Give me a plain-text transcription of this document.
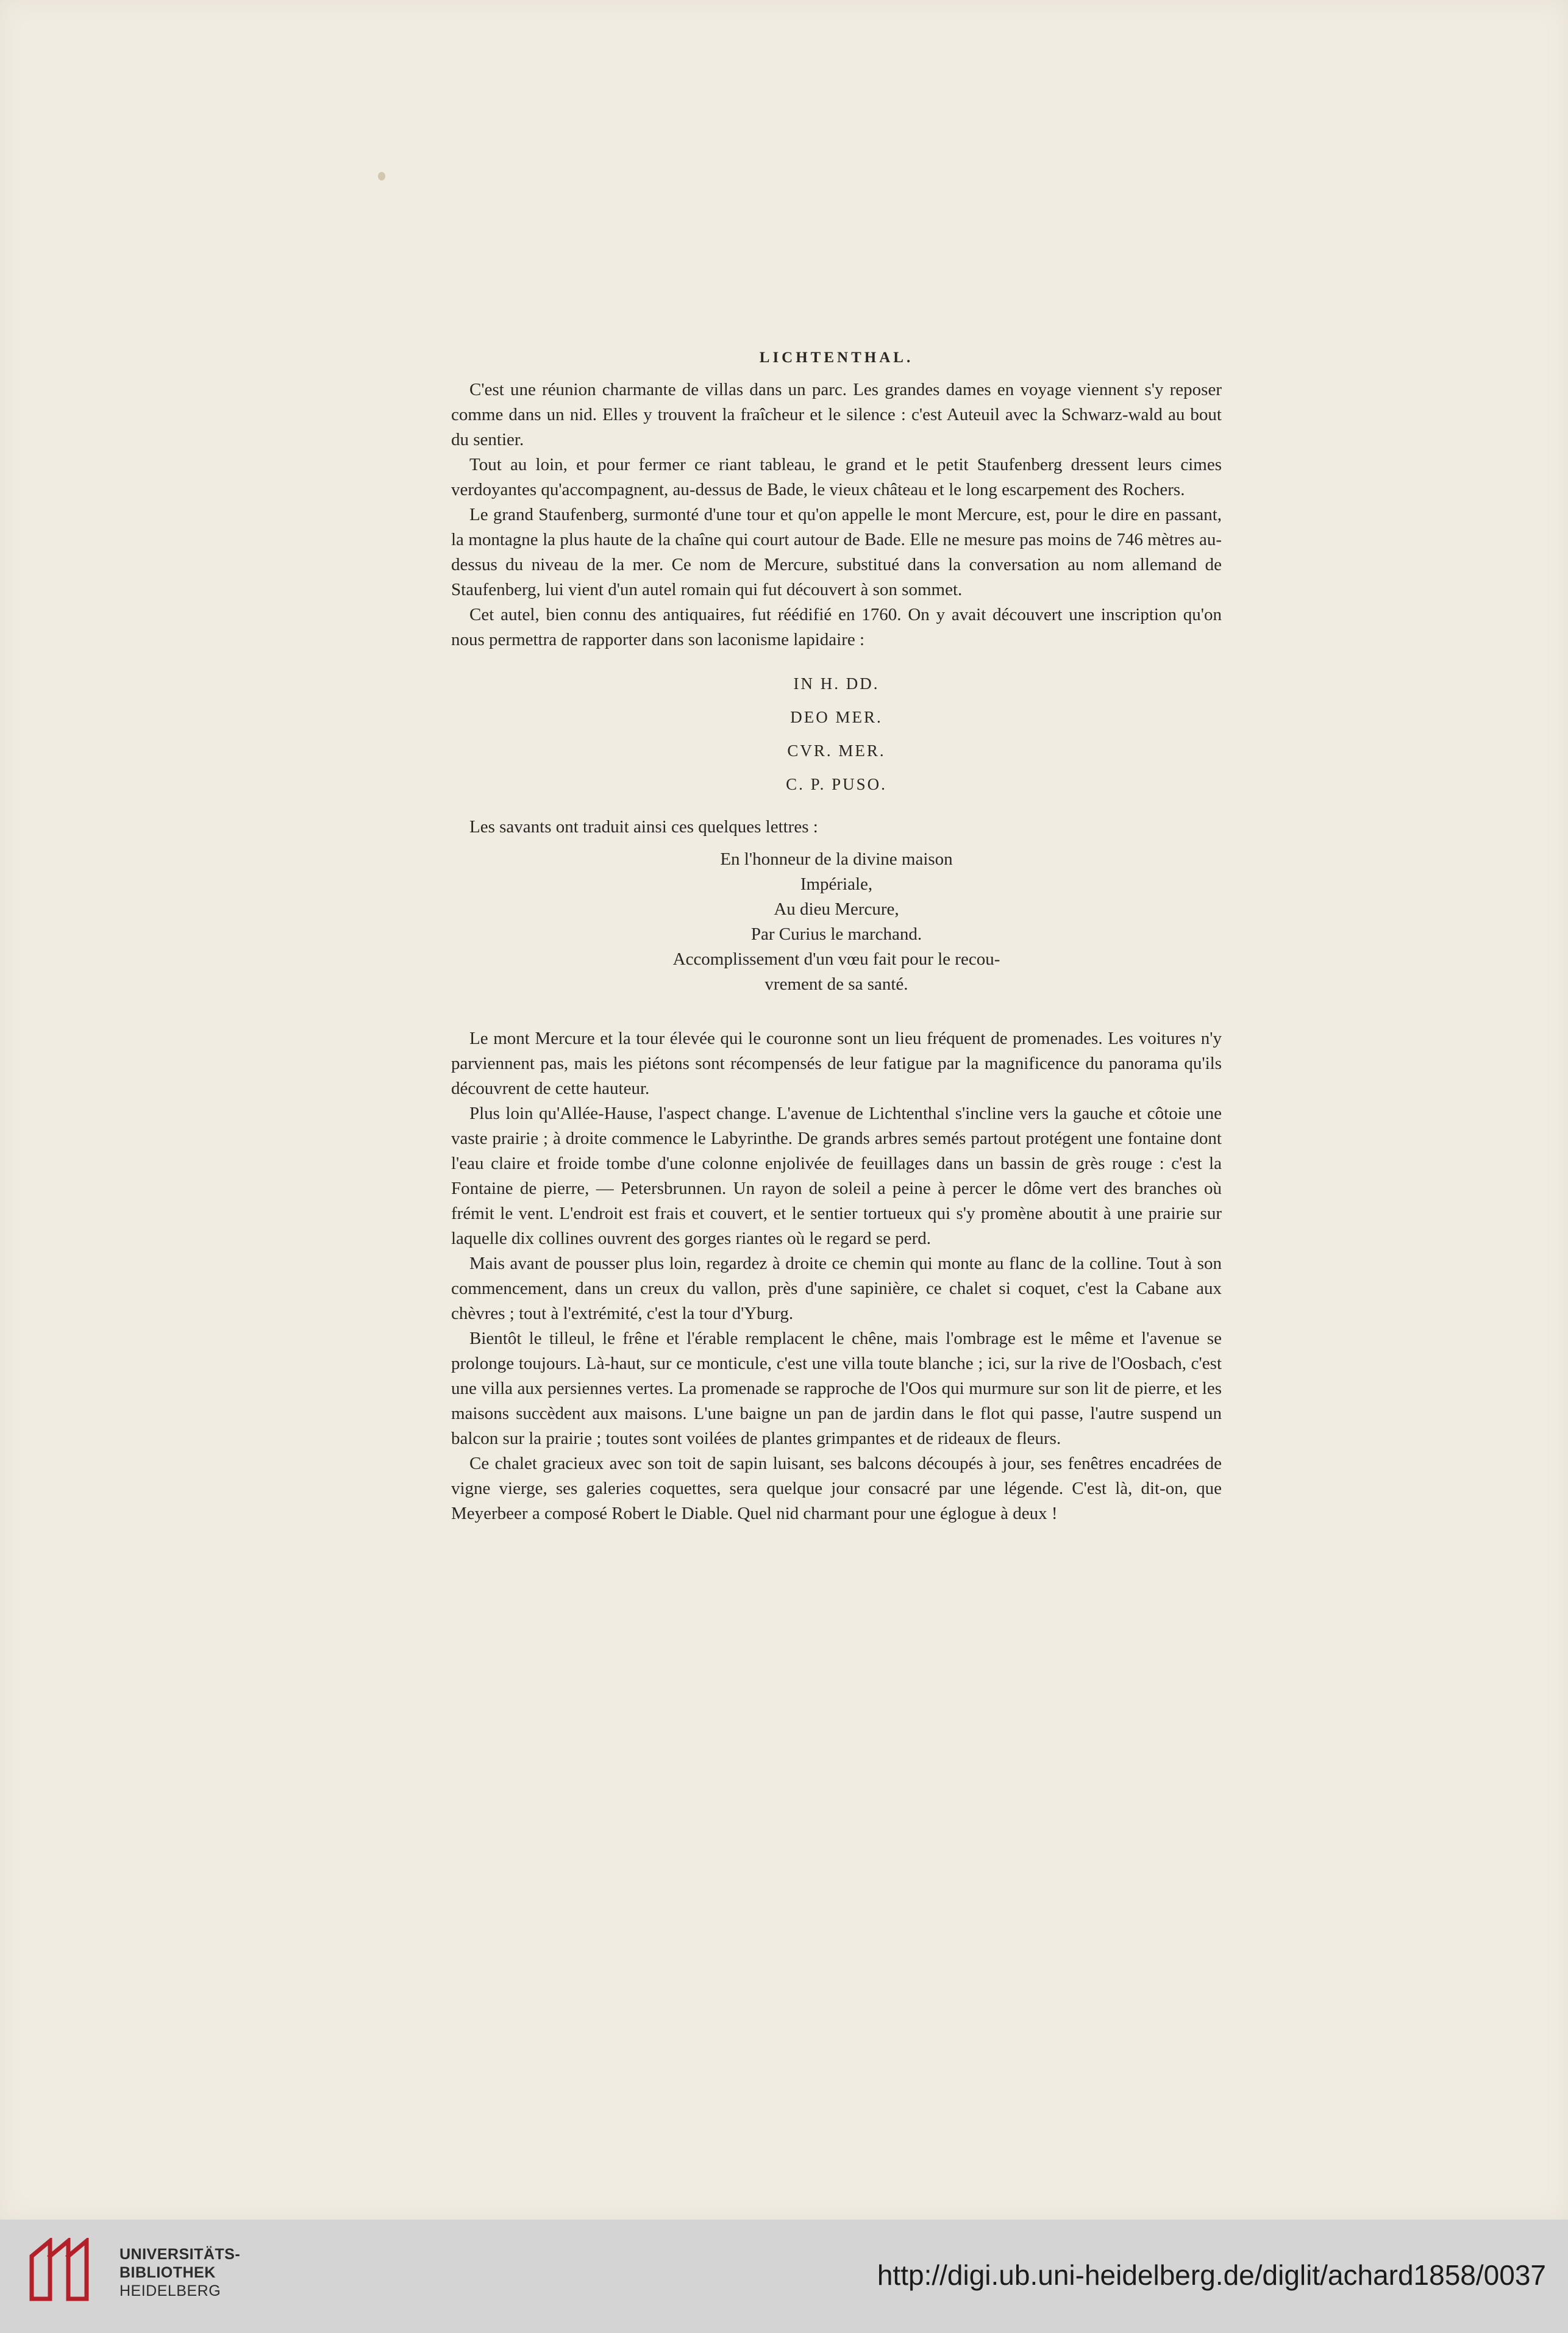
LICHTENTHAL.

C'est une réunion charmante de villas dans un parc. Les grandes dames en voyage viennent s'y reposer comme dans un nid. Elles y trouvent la fraîcheur et le silence : c'est Auteuil avec la Schwarz-wald au bout du sentier.

Tout au loin, et pour fermer ce riant tableau, le grand et le petit Staufenberg dressent leurs cimes verdoyantes qu'accompagnent, au-dessus de Bade, le vieux château et le long escarpement des Rochers.

Le grand Staufenberg, surmonté d'une tour et qu'on appelle le mont Mercure, est, pour le dire en passant, la montagne la plus haute de la chaîne qui court autour de Bade. Elle ne mesure pas moins de 746 mètres au-dessus du niveau de la mer. Ce nom de Mercure, substitué dans la conversation au nom allemand de Staufenberg, lui vient d'un autel romain qui fut découvert à son sommet.

Cet autel, bien connu des antiquaires, fut réédifié en 1760. On y avait découvert une inscription qu'on nous permettra de rapporter dans son laconisme lapidaire :

IN H. DD.
DEO MER.
CVR. MER.
C. P. PUSO.

Les savants ont traduit ainsi ces quelques lettres :

En l'honneur de la divine maison
Impériale,
Au dieu Mercure,
Par Curius le marchand.
Accomplissement d'un vœu fait pour le recou-
vrement de sa santé.

Le mont Mercure et la tour élevée qui le couronne sont un lieu fréquent de promenades. Les voitures n'y parviennent pas, mais les piétons sont récompensés de leur fatigue par la magnificence du panorama qu'ils découvrent de cette hauteur.

Plus loin qu'Allée-Hause, l'aspect change. L'avenue de Lichtenthal s'incline vers la gauche et côtoie une vaste prairie ; à droite commence le Labyrinthe. De grands arbres semés partout protégent une fontaine dont l'eau claire et froide tombe d'une colonne enjolivée de feuillages dans un bassin de grès rouge : c'est la Fontaine de pierre, — Petersbrunnen. Un rayon de soleil a peine à percer le dôme vert des branches où frémit le vent. L'endroit est frais et couvert, et le sentier tortueux qui s'y promène aboutit à une prairie sur laquelle dix collines ouvrent des gorges riantes où le regard se perd.

Mais avant de pousser plus loin, regardez à droite ce chemin qui monte au flanc de la colline. Tout à son commencement, dans un creux du vallon, près d'une sapinière, ce chalet si coquet, c'est la Cabane aux chèvres ; tout à l'extrémité, c'est la tour d'Yburg.

Bientôt le tilleul, le frêne et l'érable remplacent le chêne, mais l'ombrage est le même et l'avenue se prolonge toujours. Là-haut, sur ce monticule, c'est une villa toute blanche ; ici, sur la rive de l'Oosbach, c'est une villa aux persiennes vertes. La promenade se rapproche de l'Oos qui murmure sur son lit de pierre, et les maisons succèdent aux maisons. L'une baigne un pan de jardin dans le flot qui passe, l'autre suspend un balcon sur la prairie ; toutes sont voilées de plantes grimpantes et de rideaux de fleurs.

Ce chalet gracieux avec son toit de sapin luisant, ses balcons découpés à jour, ses fenêtres encadrées de vigne vierge, ses galeries coquettes, sera quelque jour consacré par une légende. C'est là, dit-on, que Meyerbeer a composé Robert le Diable. Quel nid charmant pour une églogue à deux !

UNIVERSITÄTS-
BIBLIOTHEK
HEIDELBERG	http://digi.ub.uni-heidelberg.de/diglit/achard1858/0037
